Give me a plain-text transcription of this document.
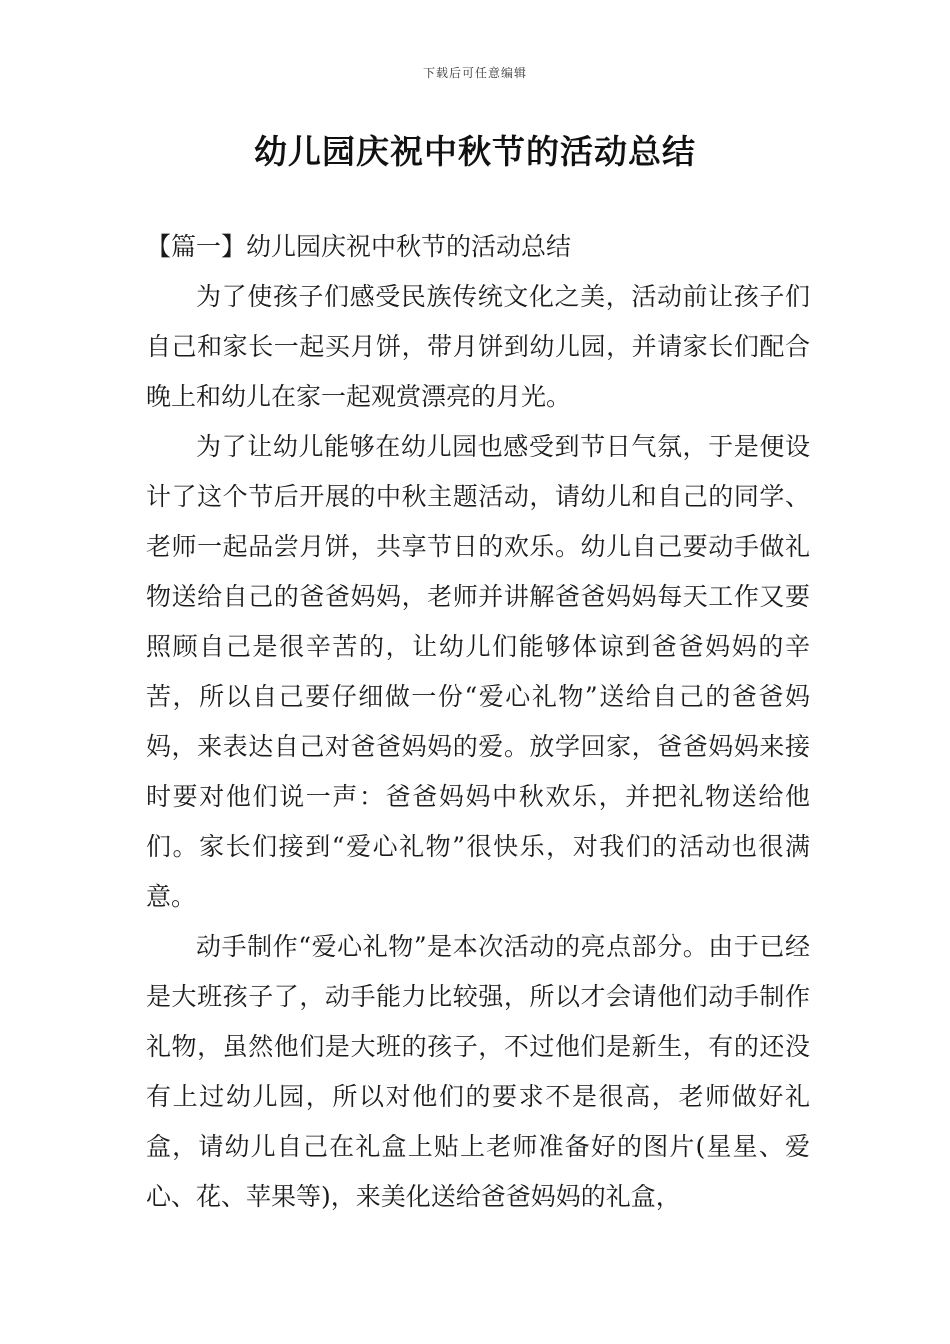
下载后可任意编辑
幼儿园庆祝中秋节的活动总结
【篇一】幼儿园庆祝中秋节的活动总结

为了使孩子们感受民族传统文化之美，活动前让孩子们自己和家长一起买月饼，带月饼到幼儿园，并请家长们配合晚上和幼儿在家一起观赏漂亮的月光。

为了让幼儿能够在幼儿园也感受到节日气氛，于是便设计了这个节后开展的中秋主题活动，请幼儿和自己的同学、老师一起品尝月饼，共享节日的欢乐。幼儿自己要动手做礼物送给自己的爸爸妈妈，老师并讲解爸爸妈妈每天工作又要照顾自己是很辛苦的，让幼儿们能够体谅到爸爸妈妈的辛苦，所以自己要仔细做一份“爱心礼物”送给自己的爸爸妈妈，来表达自己对爸爸妈妈的爱。放学回家，爸爸妈妈来接时要对他们说一声：爸爸妈妈中秋欢乐，并把礼物送给他们。家长们接到“爱心礼物”很快乐，对我们的活动也很满意。

动手制作“爱心礼物”是本次活动的亮点部分。由于已经是大班孩子了，动手能力比较强，所以才会请他们动手制作礼物，虽然他们是大班的孩子，不过他们是新生，有的还没有上过幼儿园，所以对他们的要求不是很高，老师做好礼盒，请幼儿自己在礼盒上贴上老师准备好的图片(星星、爱心、花、苹果等)，来美化送给爸爸妈妈的礼盒，
